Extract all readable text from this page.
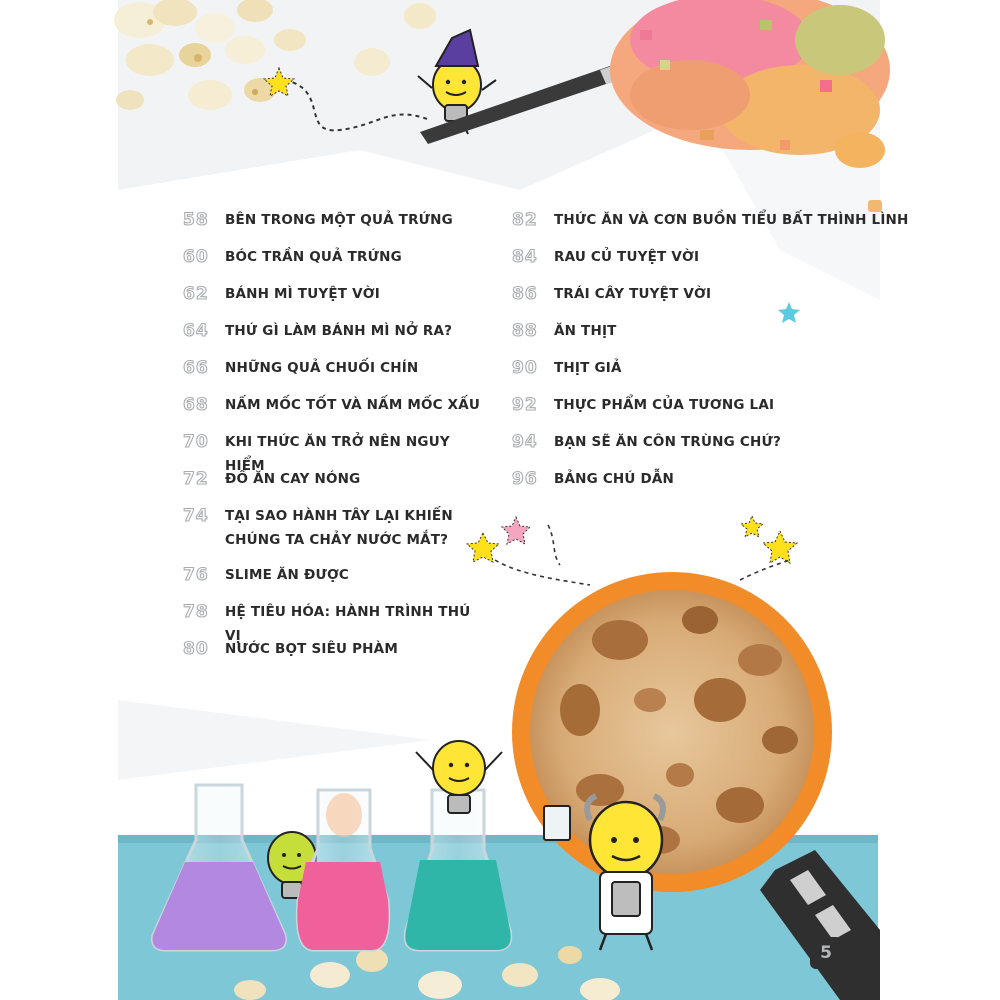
58	BÊN TRONG MỘT QUẢ TRỨNG
60	BÓC TRẦN QUẢ TRỨNG
62	BÁNH MÌ TUYỆT VỜI
64	THỨ GÌ LÀM BÁNH MÌ NỞ RA?
66	NHỮNG QUẢ CHUỐI CHÍN
68	NẤM MỐC TỐT VÀ NẤM MỐC XẤU
70	KHI THỨC ĂN TRỞ NÊN NGUY HIỂM
72	ĐỒ ĂN CAY NÓNG
74	TẠI SAO HÀNH TÂY LẠI KHIẾN CHÚNG TA CHẢY NƯỚC MẮT?
76	SLIME ĂN ĐƯỢC
78	HỆ TIÊU HÓA: HÀNH TRÌNH THÚ VỊ
80	NƯỚC BỌT SIÊU PHÀM
82	THỨC ĂN VÀ CƠN BUỒN TIỂU BẤT THÌNH LÌNH
84	RAU CỦ TUYỆT VỜI
86	TRÁI CÂY TUYỆT VỜI
88	ĂN THỊT
90	THỊT GIẢ
92	THỰC PHẨM CỦA TƯƠNG LAI
94	BẠN SẼ ĂN CÔN TRÙNG CHỨ?
96	BẢNG CHÚ DẪN
5
